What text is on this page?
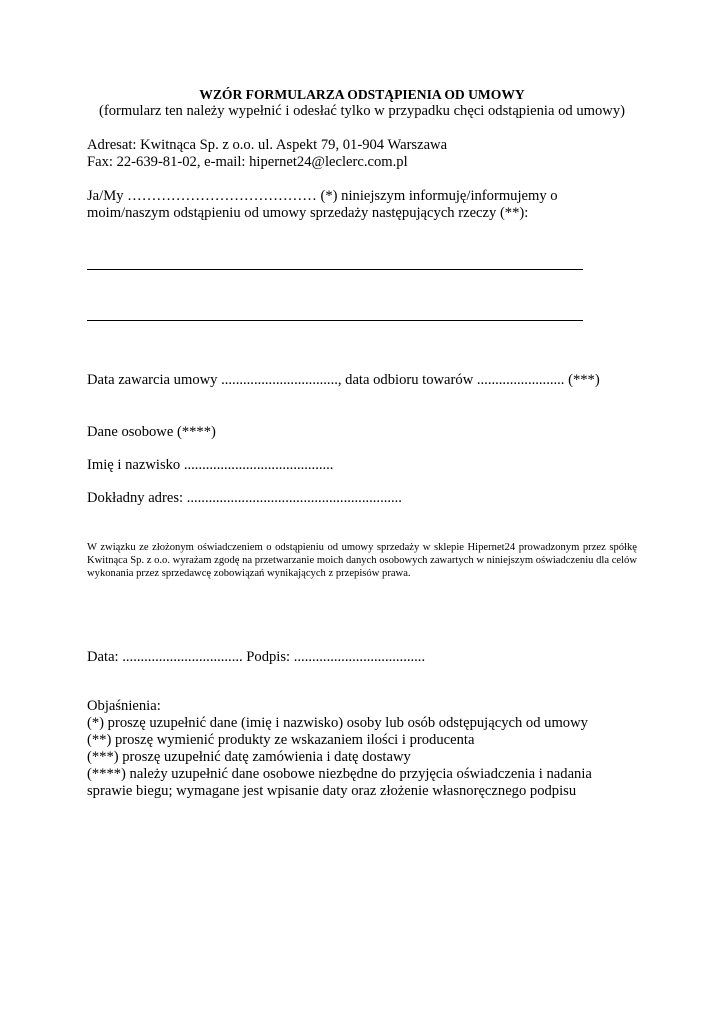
WZÓR FORMULARZA ODSTĄPIENIA OD UMOWY
(formularz ten należy wypełnić i odesłać tylko w przypadku chęci odstąpienia od umowy)
Adresat: Kwitnąca Sp. z o.o. ul. Aspekt 79, 01-904 Warszawa
Fax: 22-639-81-02, e-mail: hipernet24@leclerc.com.pl
Ja/My ………………………………… (*) niniejszym informuję/informujemy o
moim/naszym odstąpieniu od umowy sprzedaży następujących rzeczy (**):
Data zawarcia umowy ................................, data odbioru towarów ........................ (***)
Dane osobowe (****)
Imię i nazwisko .........................................
Dokładny adres: ...........................................................
W związku ze złożonym oświadczeniem o odstąpieniu od umowy sprzedaży w sklepie Hipernet24 prowadzonym przez spółkę Kwitnąca Sp. z o.o. wyrażam zgodę na przetwarzanie moich danych osobowych zawartych w niniejszym oświadczeniu dla celów wykonania przez sprzedawcę zobowiązań wynikających z przepisów prawa.
Data: ................................. Podpis: ....................................
Objaśnienia:
(*) proszę uzupełnić dane (imię i nazwisko) osoby lub osób odstępujących od umowy
(**) proszę wymienić produkty ze wskazaniem ilości i producenta
(***) proszę uzupełnić datę zamówienia i datę dostawy
(****) należy uzupełnić dane osobowe niezbędne do przyjęcia oświadczenia i nadania
sprawie biegu; wymagane jest wpisanie daty oraz złożenie własnoręcznego podpisu
